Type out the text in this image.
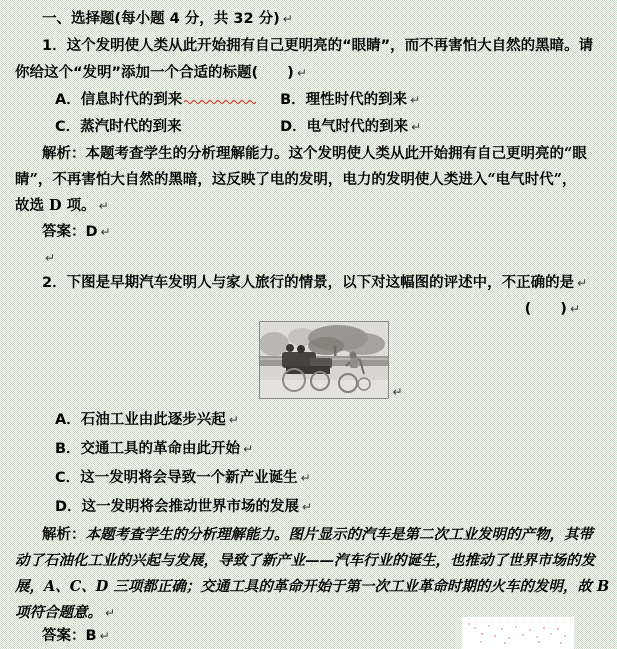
一、选择题(每小题 4 分，共 32 分) ↵
1．这个发明使人类从此开始拥有自己更明亮的“眼睛”，而不再害怕大自然的黑暗。请
你给这个“发明”添加一个合适的标题(　　) ↵
A．信息时代的到来	B．理性时代的到来 ↵
C．蒸汽时代的到来	D．电气时代的到来 ↵
解析：本题考查学生的分析理解能力。这个发明使人类从此开始拥有自己更明亮的“眼
睛”，不再害怕大自然的黑暗，这反映了电的发明，电力的发明使人类进入“电气时代”，
故选 D 项。 ↵
答案：D ↵
↵
2．下图是早期汽车发明人与家人旅行的情景，以下对这幅图的评述中，不正确的是 ↵
(　　) ↵
↵
A．石油工业由此逐步兴起 ↵
B．交通工具的革命由此开始 ↵
C．这一发明将会导致一个新产业诞生 ↵
D．这一发明将会推动世界市场的发展 ↵
解析：本题考查学生的分析理解能力。图片显示的汽车是第二次工业发明的产物，其带
动了石油化工业的兴起与发展，导致了新产业——汽车行业的诞生，也推动了世界市场的发
展，A、C、D 三项都正确；交通工具的革命开始于第一次工业革命时期的火车的发明，故 B
项符合题意。 ↵
答案：B ↵
